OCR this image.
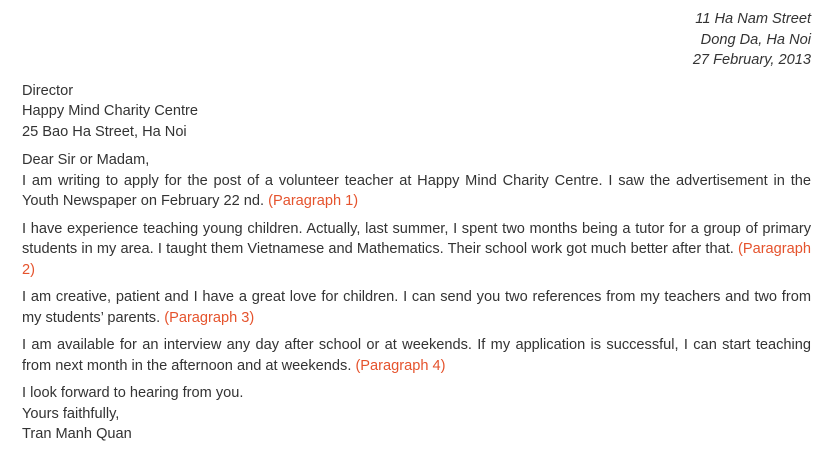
11 Ha Nam Street
Dong Da, Ha Noi
27 February, 2013
Director
Happy Mind Charity Centre
25 Bao Ha Street, Ha Noi
Dear Sir or Madam,
I am writing to apply for the post of a volunteer teacher at Happy Mind Charity Centre. I saw the advertisement in the Youth Newspaper on February 22 nd. (Paragraph 1)
I have experience teaching young children. Actually, last summer, I spent two months being a tutor for a group of primary students in my area. I taught them Vietnamese and Mathematics. Their school work got much better after that. (Paragraph 2)
I am creative, patient and I have a great love for children. I can send you two references from my teachers and two from my students’ parents. (Paragraph 3)
I am available for an interview any day after school or at weekends. If my application is successful, I can start teaching from next month in the afternoon and at weekends. (Paragraph 4)
I look forward to hearing from you.
Yours faithfully,
Tran Manh Quan
